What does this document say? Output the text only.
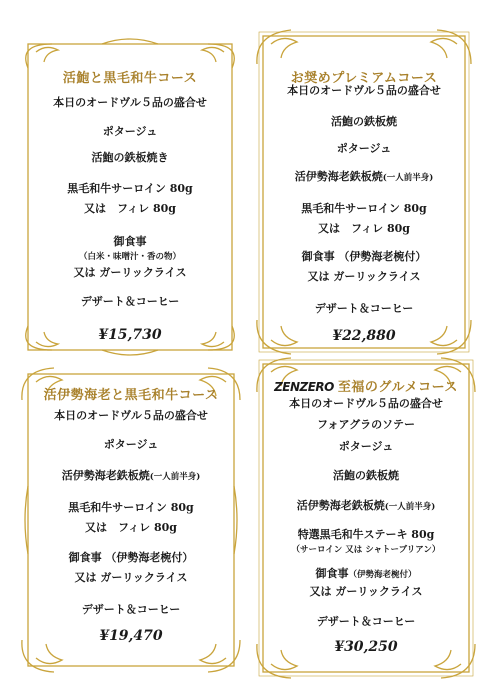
活鮑と黒毛和牛コース
本日のオードヴル５品の盛合せ
ポタージュ
活鮑の鉄板焼き
黒毛和牛サーロイン 80g
又は　フィレ 80g
御食事
（白米・味噌汁・香の物）
又は ガーリックライス
デザート＆コーヒー
¥15,730
お奨めプレミアムコース
本日のオードヴル５品の盛合せ
活鮑の鉄板焼
ポタージュ
活伊勢海老鉄板焼(一人前半身)
黒毛和牛サーロイン 80g
又は　フィレ 80g
御食事 （伊勢海老椀付）
又は ガーリックライス
デザート＆コーヒー
¥22,880
活伊勢海老と黒毛和牛コース
本日のオードヴル５品の盛合せ
ポタージュ
活伊勢海老鉄板焼(一人前半身)
黒毛和牛サーロイン 80g
又は　フィレ 80g
御食事 （伊勢海老椀付）
又は ガーリックライス
デザート＆コーヒー
¥19,470
ZENZERO 至福のグルメコース
本日のオードヴル５品の盛合せ
フォアグラのソテー
ポタージュ
活鮑の鉄板焼
活伊勢海老鉄板焼(一人前半身)
特選黒毛和牛ステーキ 80g
（サーロイン 又は シャトーブリアン）
御食事（伊勢海老椀付）
又は ガーリックライス
デザート＆コーヒー
¥30,250
